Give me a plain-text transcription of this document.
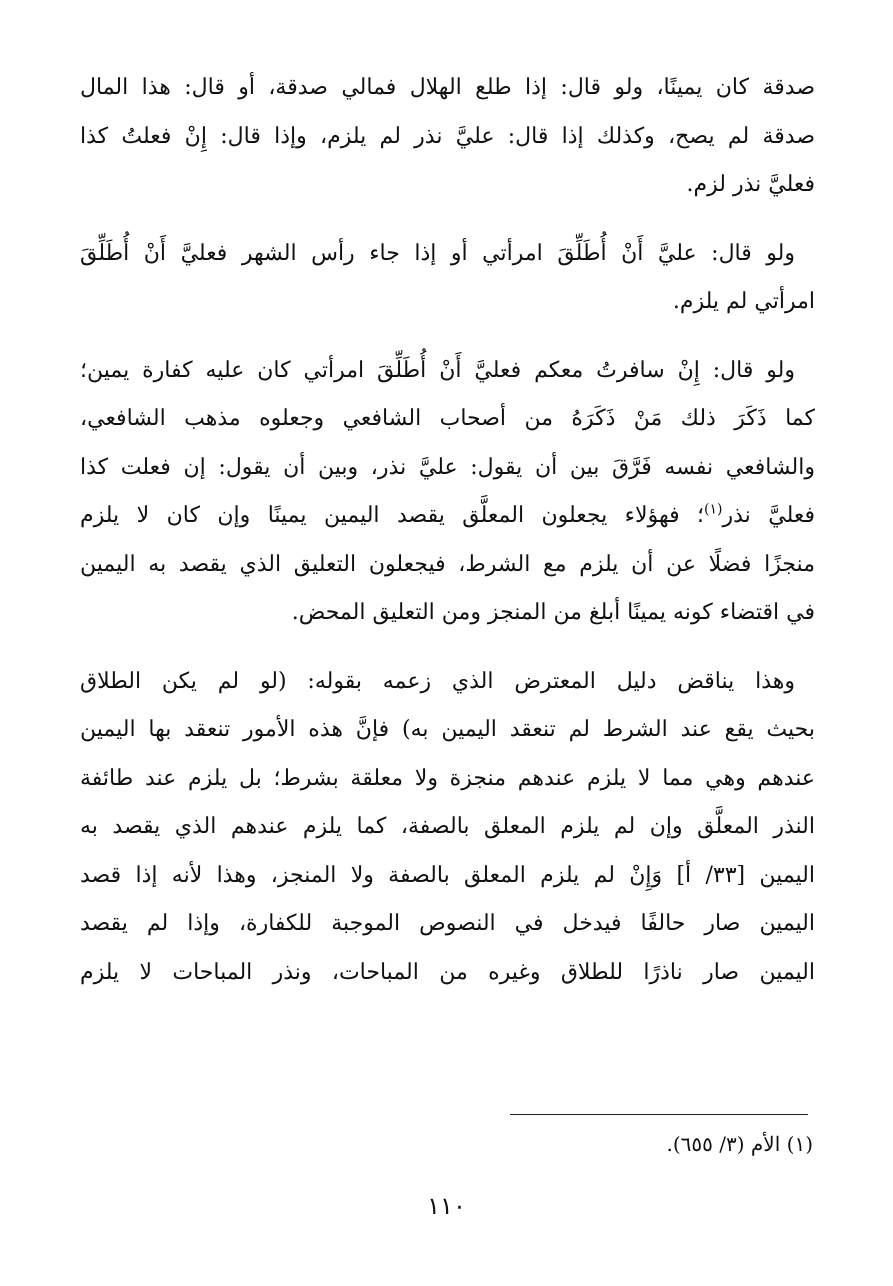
صدقة كان يمينًا، ولو قال: إذا طلع الهلال فمالي صدقة، أو قال: هذا المال
صدقة لم يصح، وكذلك إذا قال: عليَّ نذر لم يلزم، وإذا قال: إِنْ فعلتُ كذا
فعليَّ نذر لزم.

ولو قال: عليَّ أَنْ أُطَلِّقَ امرأتي أو إذا جاء رأس الشهر فعليَّ أَنْ أُطَلِّقَ
امرأتي لم يلزم.

ولو قال: إِنْ سافرتُ معكم فعليَّ أَنْ أُطَلِّقَ امرأتي كان عليه كفارة يمين؛
كما ذَكَرَ ذلك مَنْ ذَكَرَهُ من أصحاب الشافعي وجعلوه مذهب الشافعي،
والشافعي نفسه فَرَّقَ بين أن يقول: عليَّ نذر، وبين أن يقول: إن فعلت كذا
فعليَّ نذر$^{(١)}$؛ فهؤلاء يجعلون المعلَّق يقصد اليمين يمينًا وإن كان لا يلزم
منجزًا فضلًا عن أن يلزم مع الشرط، فيجعلون التعليق الذي يقصد به اليمين
في اقتضاء كونه يمينًا أبلغ من المنجز ومن التعليق المحض.

وهذا يناقض دليل المعترض الذي زعمه بقوله: (لو لم يكن الطلاق
بحيث يقع عند الشرط لم تنعقد اليمين به) فإنَّ هذه الأمور تنعقد بها اليمين
عندهم وهي مما لا يلزم عندهم منجزة ولا معلقة بشرط؛ بل يلزم عند طائفة
النذر المعلَّق وإن لم يلزم المعلق بالصفة، كما يلزم عندهم الذي يقصد به
اليمين [٣٣/ أ] وَإِنْ لم يلزم المعلق بالصفة ولا المنجز، وهذا لأنه إذا قصد
اليمين صار حالفًا فيدخل في النصوص الموجبة للكفارة، وإذا لم يقصد
اليمين صار ناذرًا للطلاق وغيره من المباحات، ونذر المباحات لا يلزم

(١) الأم (٣/ ٦٥٥).
١١٠
